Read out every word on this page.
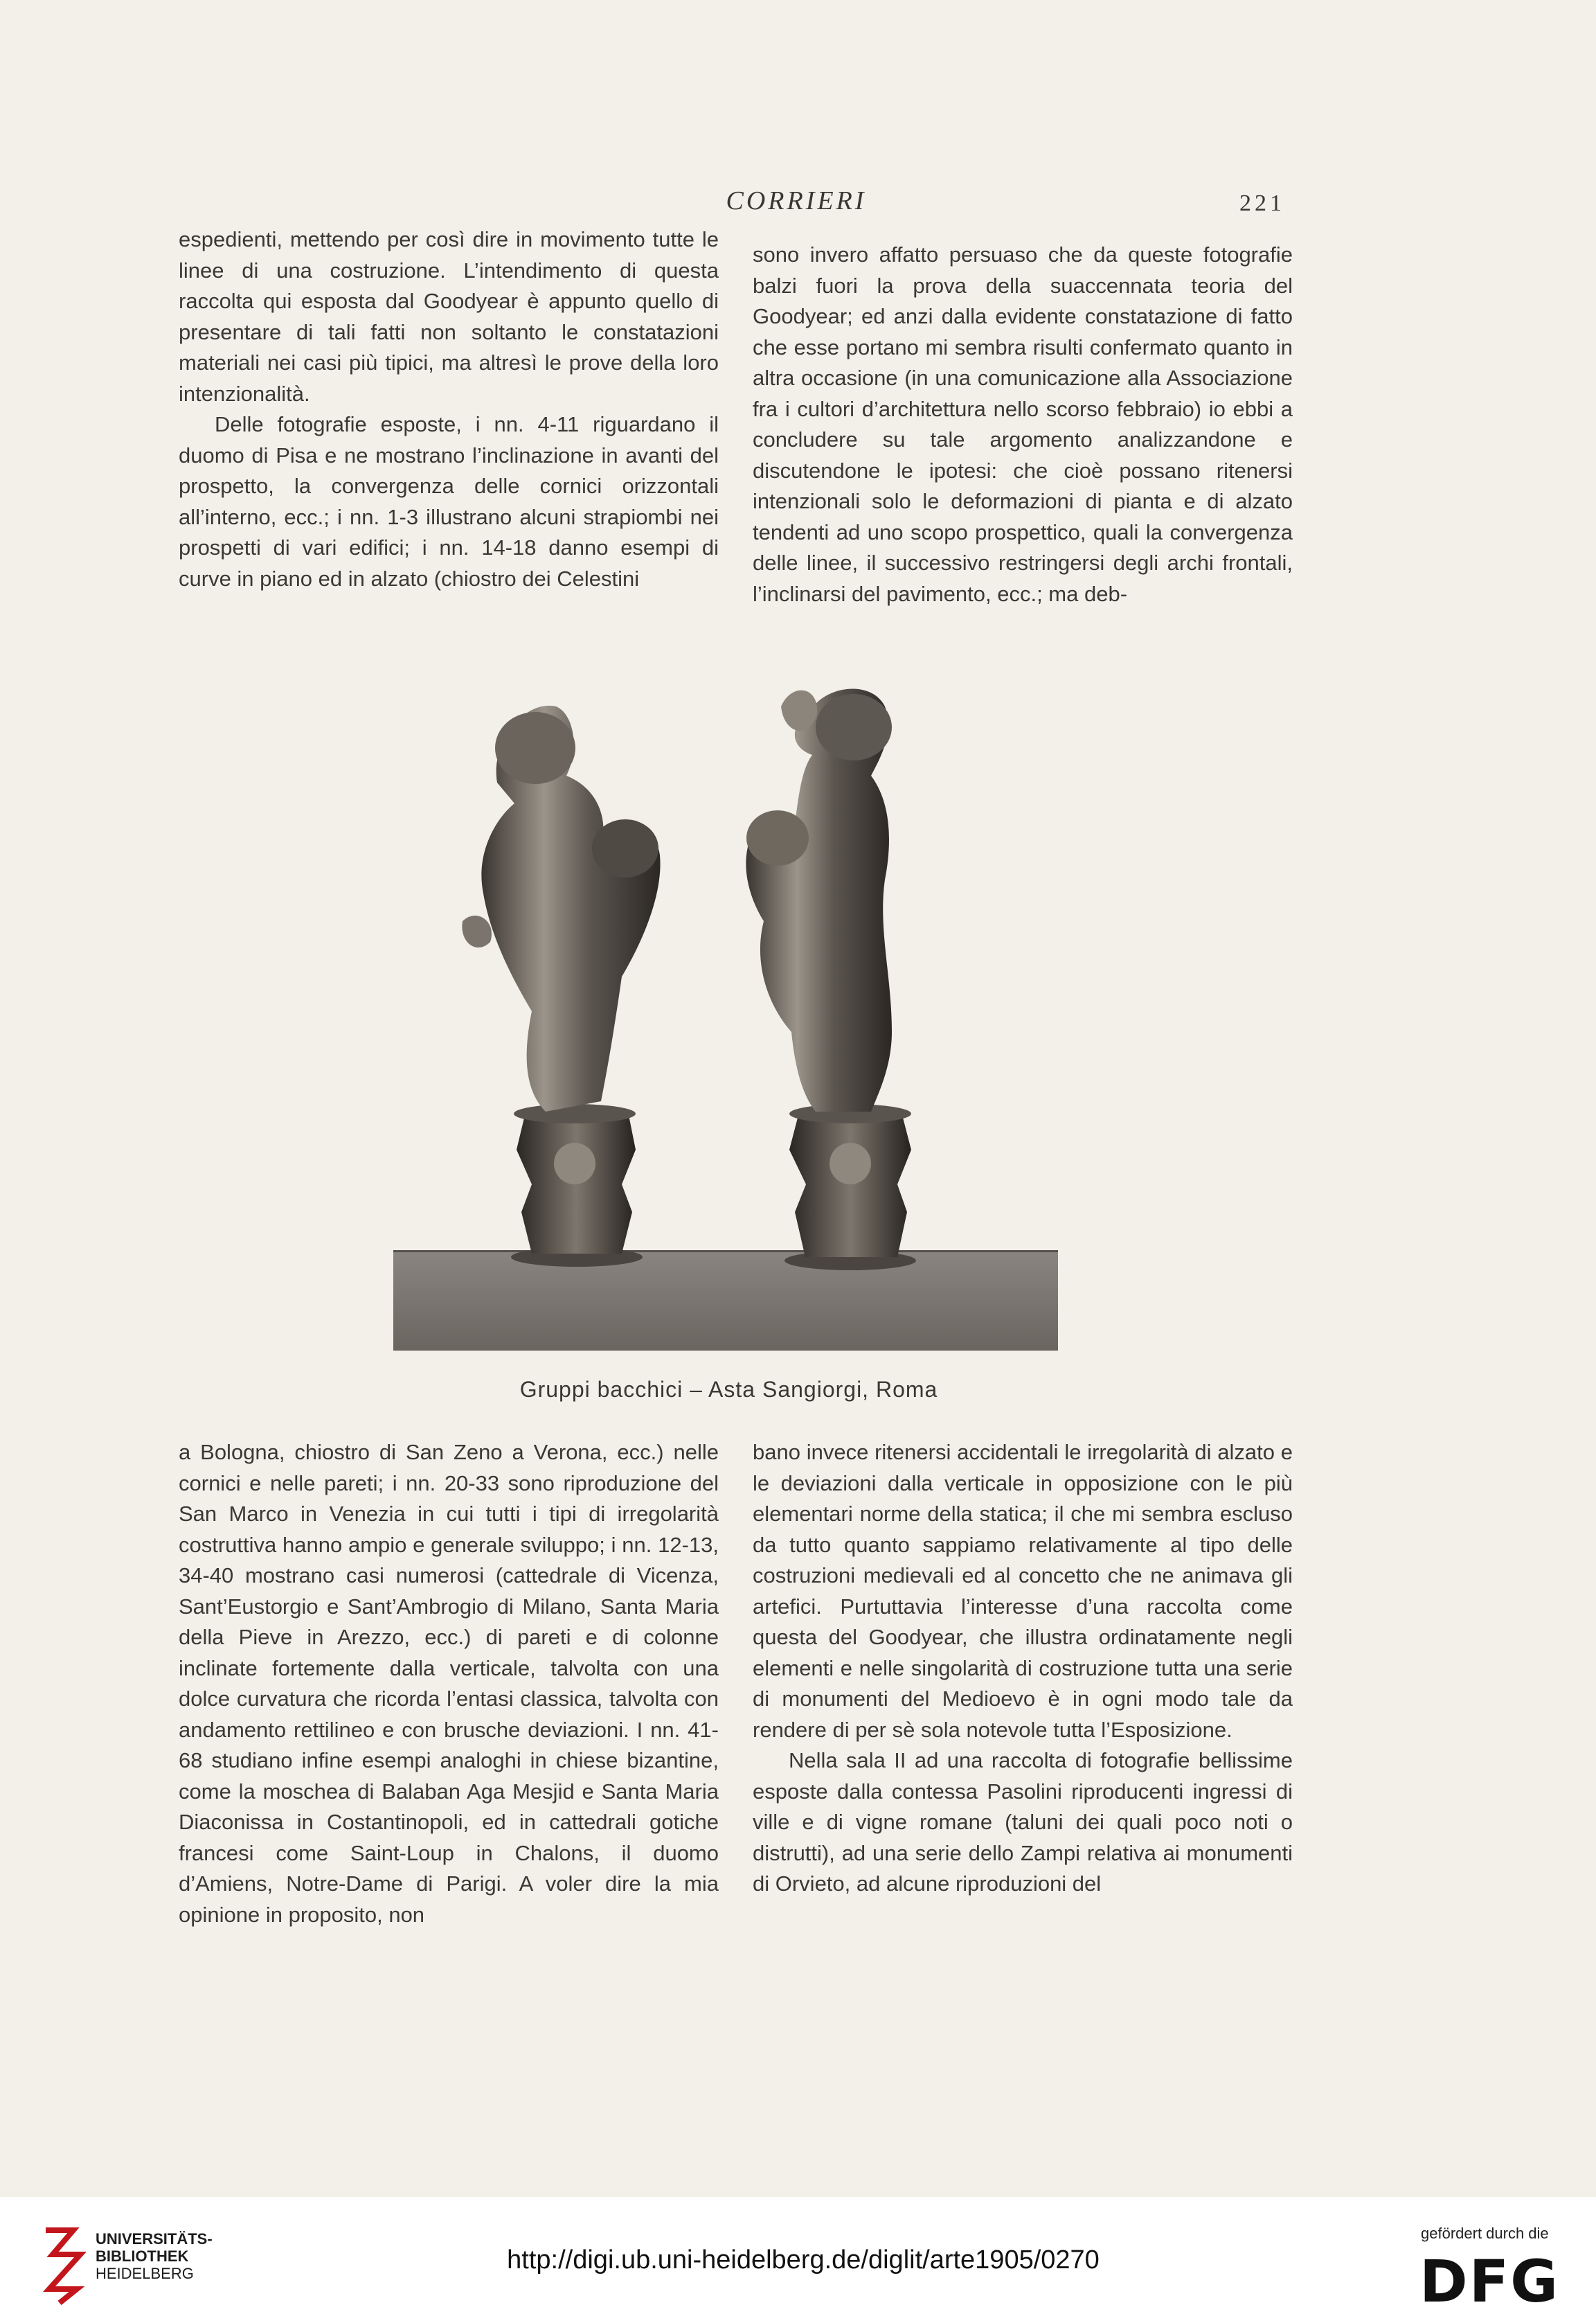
CORRIERI	221

espedienti, mettendo per così dire in movimento tutte le linee di una costruzione. L’intendimento di questa raccolta qui esposta dal Goodyear è appunto quello di presentare di tali fatti non soltanto le constatazioni materiali nei casi più tipici, ma altresì le prove della loro intenzionalità.

Delle fotografie esposte, i nn. 4-11 riguardano il duomo di Pisa e ne mostrano l’inclinazione in avanti del prospetto, la convergenza delle cornici orizzontali all’interno, ecc.; i nn. 1-3 illustrano alcuni strapiombi nei prospetti di vari edifici; i nn. 14-18 danno esempi di curve in piano ed in alzato (chiostro dei Celestini

sono invero affatto persuaso che da queste fotografie balzi fuori la prova della suaccennata teoria del Goodyear; ed anzi dalla evidente constatazione di fatto che esse portano mi sembra risulti confermato quanto in altra occasione (in una comunicazione alla Associazione fra i cultori d’architettura nello scorso febbraio) io ebbi a concludere su tale argomento analizzandone e discutendone le ipotesi: che cioè possano ritenersi intenzionali solo le deformazioni di pianta e di alzato tendenti ad uno scopo prospettico, quali la convergenza delle linee, il successivo restringersi degli archi frontali, l’inclinarsi del pavimento, ecc.; ma deb-

Gruppi bacchici – Asta Sangiorgi, Roma

a Bologna, chiostro di San Zeno a Verona, ecc.) nelle cornici e nelle pareti; i nn. 20-33 sono riproduzione del San Marco in Venezia in cui tutti i tipi di irregolarità costruttiva hanno ampio e generale sviluppo; i nn. 12-13, 34-40 mostrano casi numerosi (cattedrale di Vicenza, Sant’Eustorgio e Sant’Ambrogio di Milano, Santa Maria della Pieve in Arezzo, ecc.) di pareti e di colonne inclinate fortemente dalla verticale, talvolta con una dolce curvatura che ricorda l’entasi classica, talvolta con andamento rettilineo e con brusche deviazioni. I nn. 41-68 studiano infine esempi analoghi in chiese bizantine, come la moschea di Balaban Aga Mesjid e Santa Maria Diaconissa in Costantinopoli, ed in cattedrali gotiche francesi come Saint-Loup in Chalons, il duomo d’Amiens, Notre-Dame di Parigi. A voler dire la mia opinione in proposito, non

bano invece ritenersi accidentali le irregolarità di alzato e le deviazioni dalla verticale in opposizione con le più elementari norme della statica; il che mi sembra escluso da tutto quanto sappiamo relativamente al tipo delle costruzioni medievali ed al concetto che ne animava gli artefici. Purtuttavia l’interesse d’una raccolta come questa del Goodyear, che illustra ordinatamente negli elementi e nelle singolarità di costruzione tutta una serie di monumenti del Medioevo è in ogni modo tale da rendere di per sè sola notevole tutta l’Esposizione.

Nella sala II ad una raccolta di fotografie bellissime esposte dalla contessa Pasolini riproducenti ingressi di ville e di vigne romane (taluni dei quali poco noti o distrutti), ad una serie dello Zampi relativa ai monumenti di Orvieto, ad alcune riproduzioni del

UNIVERSITÄTS-
BIBLIOTHEK
HEIDELBERG	http://digi.ub.uni-heidelberg.de/diglit/arte1905/0270
gefördert durch die
DFG
